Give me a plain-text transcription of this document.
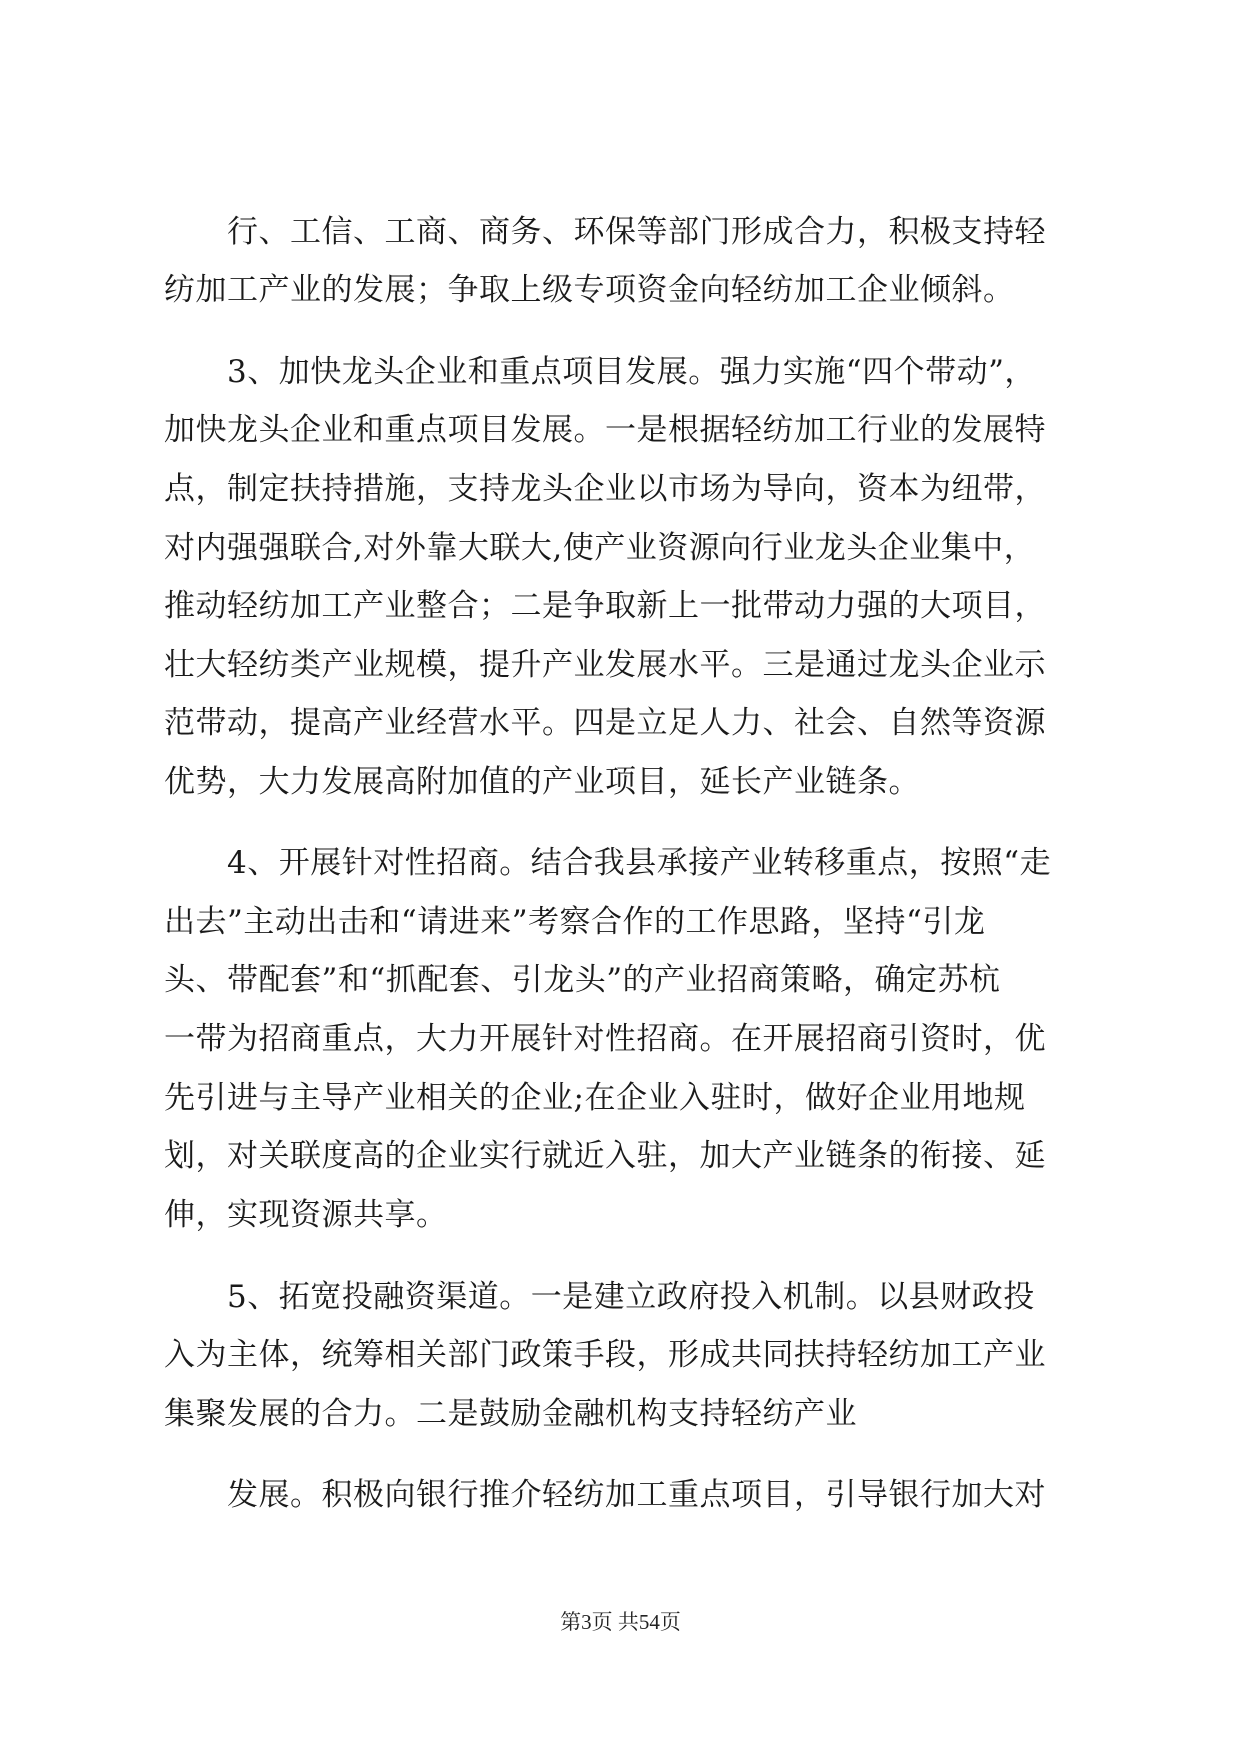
　　行、工信、工商、商务、环保等部门形成合力，积极支持轻
纺加工产业的发展；争取上级专项资金向轻纺加工企业倾斜。
　　3、加快龙头企业和重点项目发展。强力实施“四个带动”，
加快龙头企业和重点项目发展。一是根据轻纺加工行业的发展特
点，制定扶持措施，支持龙头企业以市场为导向，资本为纽带，
对内强强联合,对外靠大联大,使产业资源向行业龙头企业集中，
推动轻纺加工产业整合；二是争取新上一批带动力强的大项目，
壮大轻纺类产业规模，提升产业发展水平。三是通过龙头企业示
范带动，提高产业经营水平。四是立足人力、社会、自然等资源
优势，大力发展高附加值的产业项目，延长产业链条。
　　4、开展针对性招商。结合我县承接产业转移重点，按照“走
出去”主动出击和“请进来”考察合作的工作思路，坚持“引龙
头、带配套”和“抓配套、引龙头”的产业招商策略，确定苏杭
一带为招商重点，大力开展针对性招商。在开展招商引资时，优
先引进与主导产业相关的企业;在企业入驻时，做好企业用地规
划，对关联度高的企业实行就近入驻，加大产业链条的衔接、延
伸，实现资源共享。
　　5、拓宽投融资渠道。一是建立政府投入机制。以县财政投
入为主体，统筹相关部门政策手段，形成共同扶持轻纺加工产业
集聚发展的合力。二是鼓励金融机构支持轻纺产业
　　发展。积极向银行推介轻纺加工重点项目，引导银行加大对
第3页 共54页
